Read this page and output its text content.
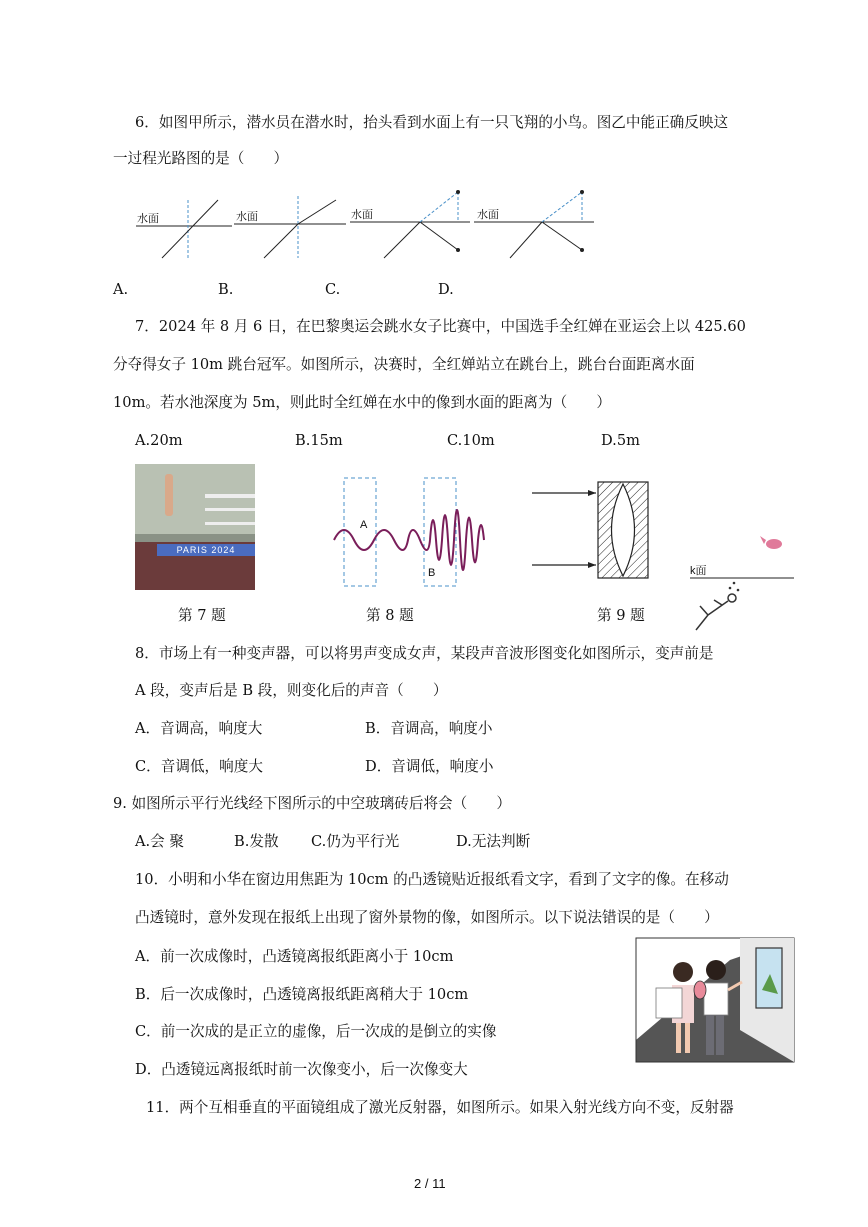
6．如图甲所示，潜水员在潜水时，抬头看到水面上有一只飞翔的小鸟。图乙中能正确反映这
一过程光路图的是（　　）
水面	水面	水面	水面
A.	B.	C.	D.
7．2024 年 8 月 6 日，在巴黎奥运会跳水女子比赛中，中国选手全红婵在亚运会上以 425.60
分夺得女子 10m 跳台冠军。如图所示，决赛时，全红婵站立在跳台上，跳台台面距离水面
10m。若水池深度为 5m，则此时全红婵在水中的像到水面的距离为（　　）
A.20m	B.15m	C.10m	D.5m
PARIS 2024
A
B	k面
第 7 题	第 8 题	第 9 题
8．市场上有一种变声器，可以将男声变成女声，某段声音波形图变化如图所示，变声前是
A 段，变声后是 B 段，则变化后的声音（　　）
A．音调高，响度大	B．音调高，响度小
C．音调低，响度大	D．音调低，响度小
9. 如图所示平行光线经下图所示的中空玻璃砖后将会（　　）
A.会 聚	B.发散 C.仍为平行光	D.无法判断
10．小明和小华在窗边用焦距为 10cm 的凸透镜贴近报纸看文字，看到了文字的像。在移动
凸透镜时，意外发现在报纸上出现了窗外景物的像，如图所示。以下说法错误的是（　　）
A．前一次成像时，凸透镜离报纸距离小于 10cm
B．后一次成像时，凸透镜离报纸距离稍大于 10cm
C．前一次成的是正立的虚像，后一次成的是倒立的实像
D．凸透镜远离报纸时前一次像变小，后一次像变大
11．两个互相垂直的平面镜组成了激光反射器，如图所示。如果入射光线方向不变，反射器
2 / 11
